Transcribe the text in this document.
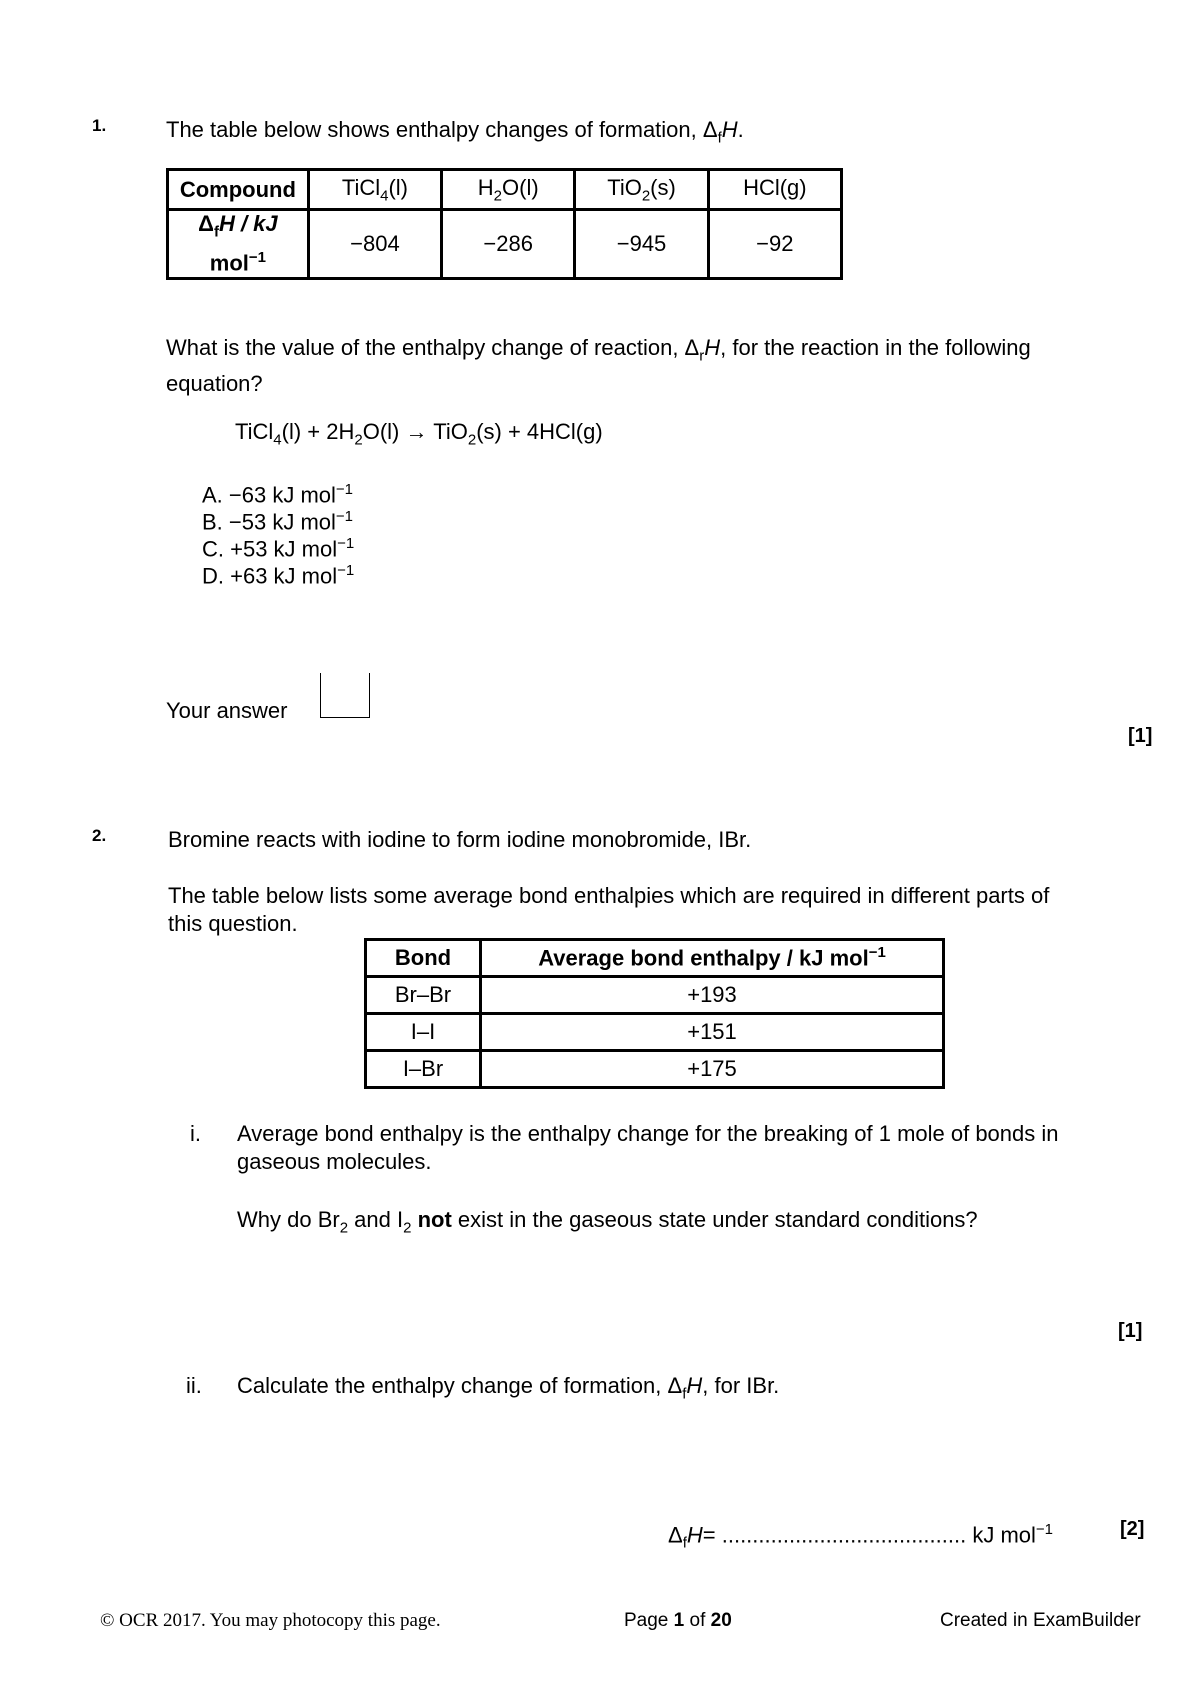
1.	The table below shows enthalpy changes of formation, $\Delta_fH$.
Compound	TiCl$_4$(l)	$H_2O(l)$	TiO$_2$(s)	HCl(g)
$\Delta_fH$ / kJ
mol$^{-1}$	−804	−286	−945	−92
What is the value of the enthalpy change of reaction, $\Delta_rH$, for the reaction in the following
equation?
TiCl$_4$(l) + $2H_2O(l) \to TiO_2(s) + 4HCl(g)$
A. −63 kJ mol$^{-1}$
B. −53 kJ mol$^{-1}$
C. +53 kJ mol$^{-1}$
D. +63 kJ mol$^{-1}$
Your answer
[1]
2.	Bromine reacts with iodine to form iodine monobromide, IBr.
The table below lists some average bond enthalpies which are required in different parts of
this question.
Bond	Average bond enthalpy / kJ mol$^{-1}$
Br–Br	+193
I–I	+151
I–Br	+175
i. Average bond enthalpy is the enthalpy change for the breaking of 1 mole of bonds in
gaseous molecules.
Why do $Br_2$ and $I_2$ not exist in the gaseous state under standard conditions?
[1]
ii. Calculate the enthalpy change of formation, $\Delta_fH$, for IBr.
$\Delta_fH=$ ........................................ kJ mol$^{-1}$	[2]
© OCR 2017. You may photocopy this page.	Page 1 of 20	Created in ExamBuilder
